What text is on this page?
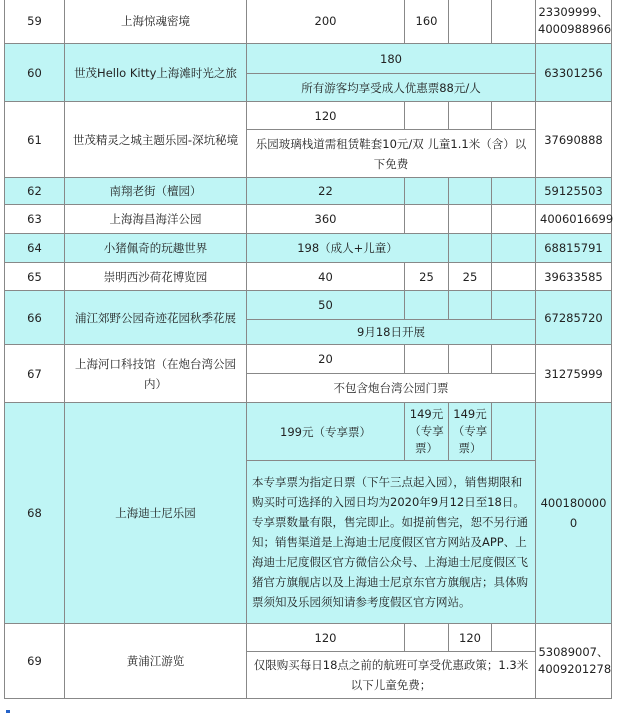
59	上海惊魂密境	200	160			23309999、4000988966
60	世茂Hello Kitty上海滩时光之旅	180				63301256
		所有游客均享受成人优惠票88元/人				
61	世茂精灵之城主题乐园-深坑秘境	120				37690888
		乐园玻璃栈道需租赁鞋套10元/双 儿童1.1米（含）以下免费				
62	南翔老街（檀园）	22				59125503
63	上海海昌海洋公园	360				4006016699
64	小猪佩奇的玩趣世界	198（成人+儿童）				68815791
65	崇明西沙荷花博览园	40	25	25		39633585
66	浦江郊野公园奇迹花园秋季花展	50				67285720
		9月18日开展				
67	上海河口科技馆（在炮台湾公园内）	20				31275999
		不包含炮台湾公园门票				
68	上海迪士尼乐园	199元（专享票）	149元（专享票）	149元（专享票）		4001800000
		本专享票为指定日票（下午三点起入园），销售期限和购买时可选择的入园日均为2020年9月12日至18日。专享票数量有限，售完即止。如提前售完，恕不另行通知；销售渠道是上海迪士尼度假区官方网站及APP、上海迪士尼度假区官方微信公众号、上海迪士尼度假区飞猪官方旗舰店以及上海迪士尼京东官方旗舰店；具体购票须知及乐园须知请参考度假区官方网站。				
69	黄浦江游览	120		120		53089007、4009201278
		仅限购买每日18点之前的航班可享受优惠政策；1.3米以下儿童免费；				
